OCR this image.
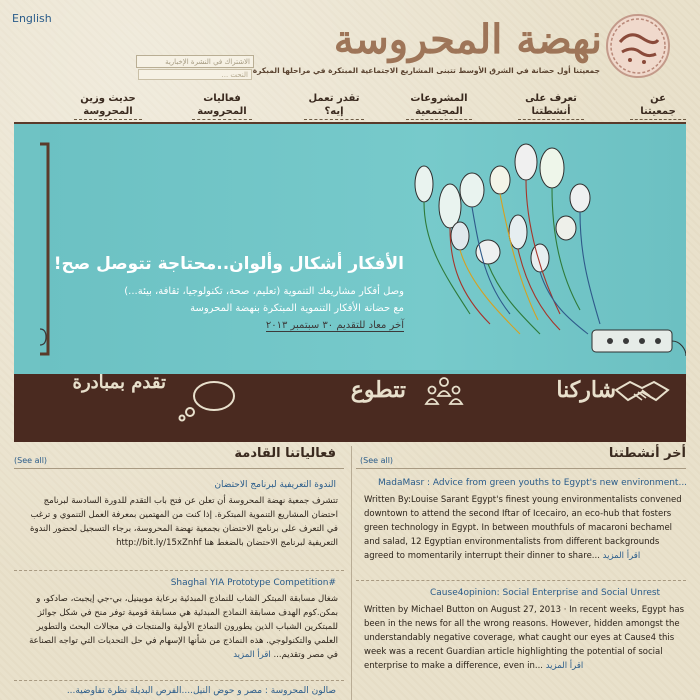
English
الاشتراك في النشرة الإخبارية
النحت ...
نهضة المحروسة
جمعيتنا أول حضانة في الشرق الأوسط تتبنى المشاريع الاجتماعية المبتكرة في مراحلها المبكرة
عن
جمعيتنا
تعرف على
أنشطتنا
المشروعات
المجتمعية
تقدر تعمل
إيه؟
فعاليات
المحروسة
حديث وزين
المحروسة
الأفكار أشكال وألوان..محتاجة تتوصل صح!
وصل أفكار مشاريعك التنموية (تعليم، صحة، تكنولوجيا، ثقافة، بيئة...)
مع حضانة الأفكار التنموية المبتكرة بنهضة المحروسة
آخر معاد للتقديم ٣٠ سبتمبر ٢٠١٣
شاركنا
تتطوع
تقدم بمبادرة
أخر أنشطتنا
(See all)
MadaMasr : Advice from green youths to Egypt's new environment...
Written By:Louise Sarant Egypt's finest young environmentalists convened downtown to attend the second Iftar of Icecairo, an eco-hub that fosters green technology in Egypt. In between mouthfuls of macaroni bechamel and salad, 12 Egyptian environmentalists from different backgrounds agreed to momentarily interrupt their dinner to share... اقرأ المزيد
Cause4opinion: Social Enterprise and Social Unrest
Written by Michael Button on August 27, 2013 · In recent weeks, Egypt has been in the news for all the wrong reasons. However, hidden amongst the understandably negative coverage, what caught our eyes at Cause4 this week was a recent Guardian article highlighting the potential of social enterprise to make a difference, even in... اقرأ المزيد
فعالياتنا القادمة
(See all)
الندوة التعريفية لبرنامج الاحتضان
تتشرف جمعية نهضة المحروسة أن تعلن عن فتح باب التقدم للدورة السادسة لبرنامج احتضان المشاريع التنموية المبتكرة. إذا كنت من المهتمين بمعرفة العمل التنموي و ترغب في التعرف على برنامج الاحتضان بجمعية نهضة المحروسة، برجاء التسجيل لحضور الندوة التعريفية لبرنامج الاحتضان بالضغط هنا http://bit.ly/15xZnhf
Shaghal YIA Prototype Competition#
شغال مسابقة المبتكر الشاب للنماذج المبدئية برعاية موبينيل، بي-جي إيجبت، صادكو، و بمكن.كوم الهدف مسابقة النماذج المبدئية هي مسابقة قومية توفر منح في شكل جوائز للمبتكرين الشباب الذين يطورون النماذج الأولية والمنتجات في مجالات البحث والتطوير العلمي والتكنولوجي. هذه النماذج من شأنها الإسهام في حل التحديات التي تواجه الصناعة في مصر وتقديم... اقرأ المزيد
صالون المحروسة : مصر و حوض النيل....الفرص البديلة نظرة تفاوضية...
